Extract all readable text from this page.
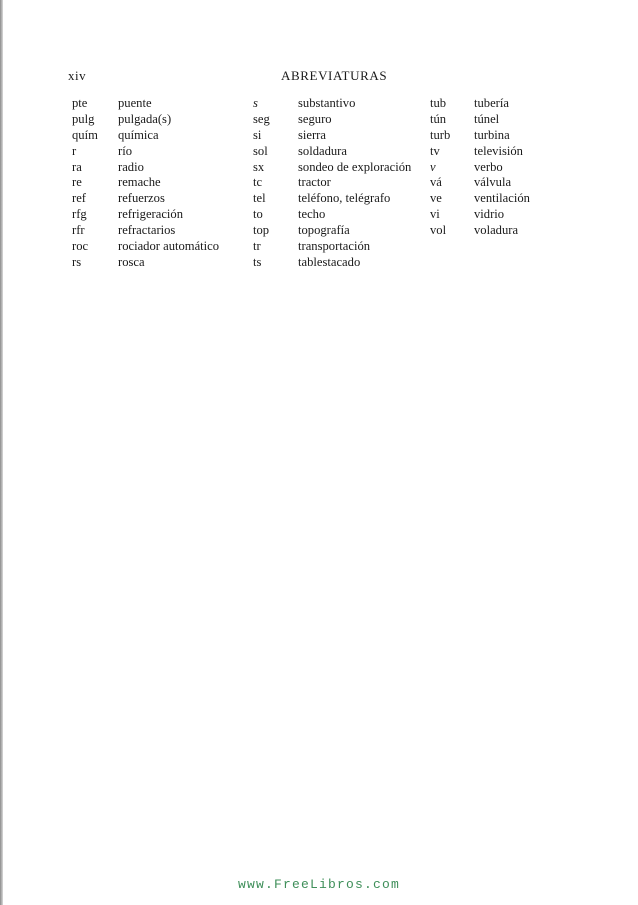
xiv	ABREVIATURAS
pte	puente
pulg	pulgada(s)
quím	química
r	río
ra	radio
re	remache
ref	refuerzos
rfg	refrigeración
rfr	refractarios
roc	rociador automático
rs	rosca
s	substantivo
seg	seguro
si	sierra
sol	soldadura
sx	sondeo de exploración
tc	tractor
tel	teléfono, telégrafo
to	techo
top	topografía
tr	transportación
ts	tablestacado
tub	tubería
tún	túnel
turb	turbina
tv	televisión
v	verbo
vá	válvula
ve	ventilación
vi	vidrio
vol	voladura
www.FreeLibros.com
